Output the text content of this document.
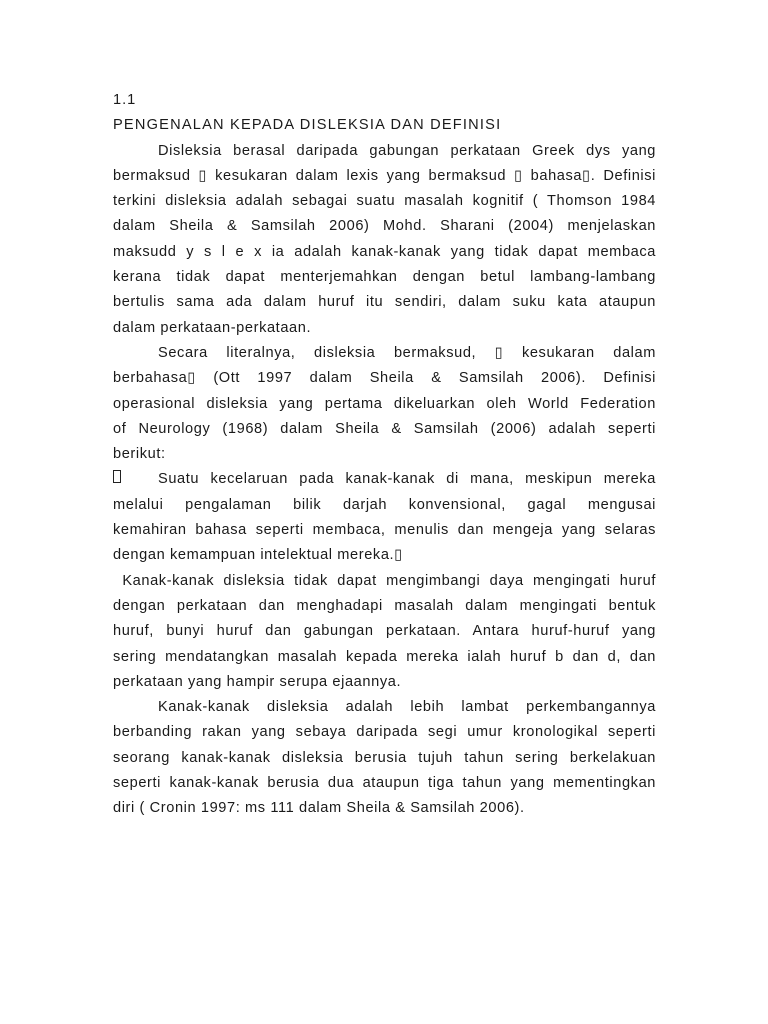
1.1
PENGENALAN KEPADA DISLEKSIA DAN DEFINISI
Disleksia berasal daripada gabungan perkataan Greek dys yang
bermaksud ▯ kesukaran dalam lexis yang bermaksud ▯ bahasa▯. Definisi
terkini disleksia adalah sebagai suatu masalah kognitif ( Thomson 1984
dalam Sheila & Samsilah 2006) Mohd. Sharani (2004) menjelaskan
maksudd y s l e x ia adalah kanak-kanak yang tidak dapat membaca
kerana tidak dapat menterjemahkan dengan betul lambang-lambang
bertulis sama ada dalam huruf itu sendiri, dalam suku kata ataupun
dalam perkataan-perkataan.
Secara literalnya, disleksia bermaksud, ▯ kesukaran dalam
berbahasa▯ (Ott 1997 dalam Sheila & Samsilah 2006). Definisi
operasional disleksia yang pertama dikeluarkan oleh World Federation
of Neurology (1968) dalam Sheila & Samsilah (2006) adalah seperti
berikut:
Suatu kecelaruan pada kanak-kanak di mana, meskipun mereka
melalui pengalaman bilik darjah konvensional, gagal mengusai
kemahiran bahasa seperti membaca, menulis dan mengeja yang selaras
dengan kemampuan intelektual mereka.▯
Kanak-kanak disleksia tidak dapat mengimbangi daya mengingati huruf
dengan perkataan dan menghadapi masalah dalam mengingati bentuk
huruf, bunyi huruf dan gabungan perkataan. Antara huruf-huruf yang
sering mendatangkan masalah kepada mereka ialah huruf b dan d, dan
perkataan yang hampir serupa ejaannya.
Kanak-kanak disleksia adalah lebih lambat perkembangannya
berbanding rakan yang sebaya daripada segi umur kronologikal seperti
seorang kanak-kanak disleksia berusia tujuh tahun sering berkelakuan
seperti kanak-kanak berusia dua ataupun tiga tahun yang mementingkan
diri ( Cronin 1997: ms 111 dalam Sheila & Samsilah 2006).
